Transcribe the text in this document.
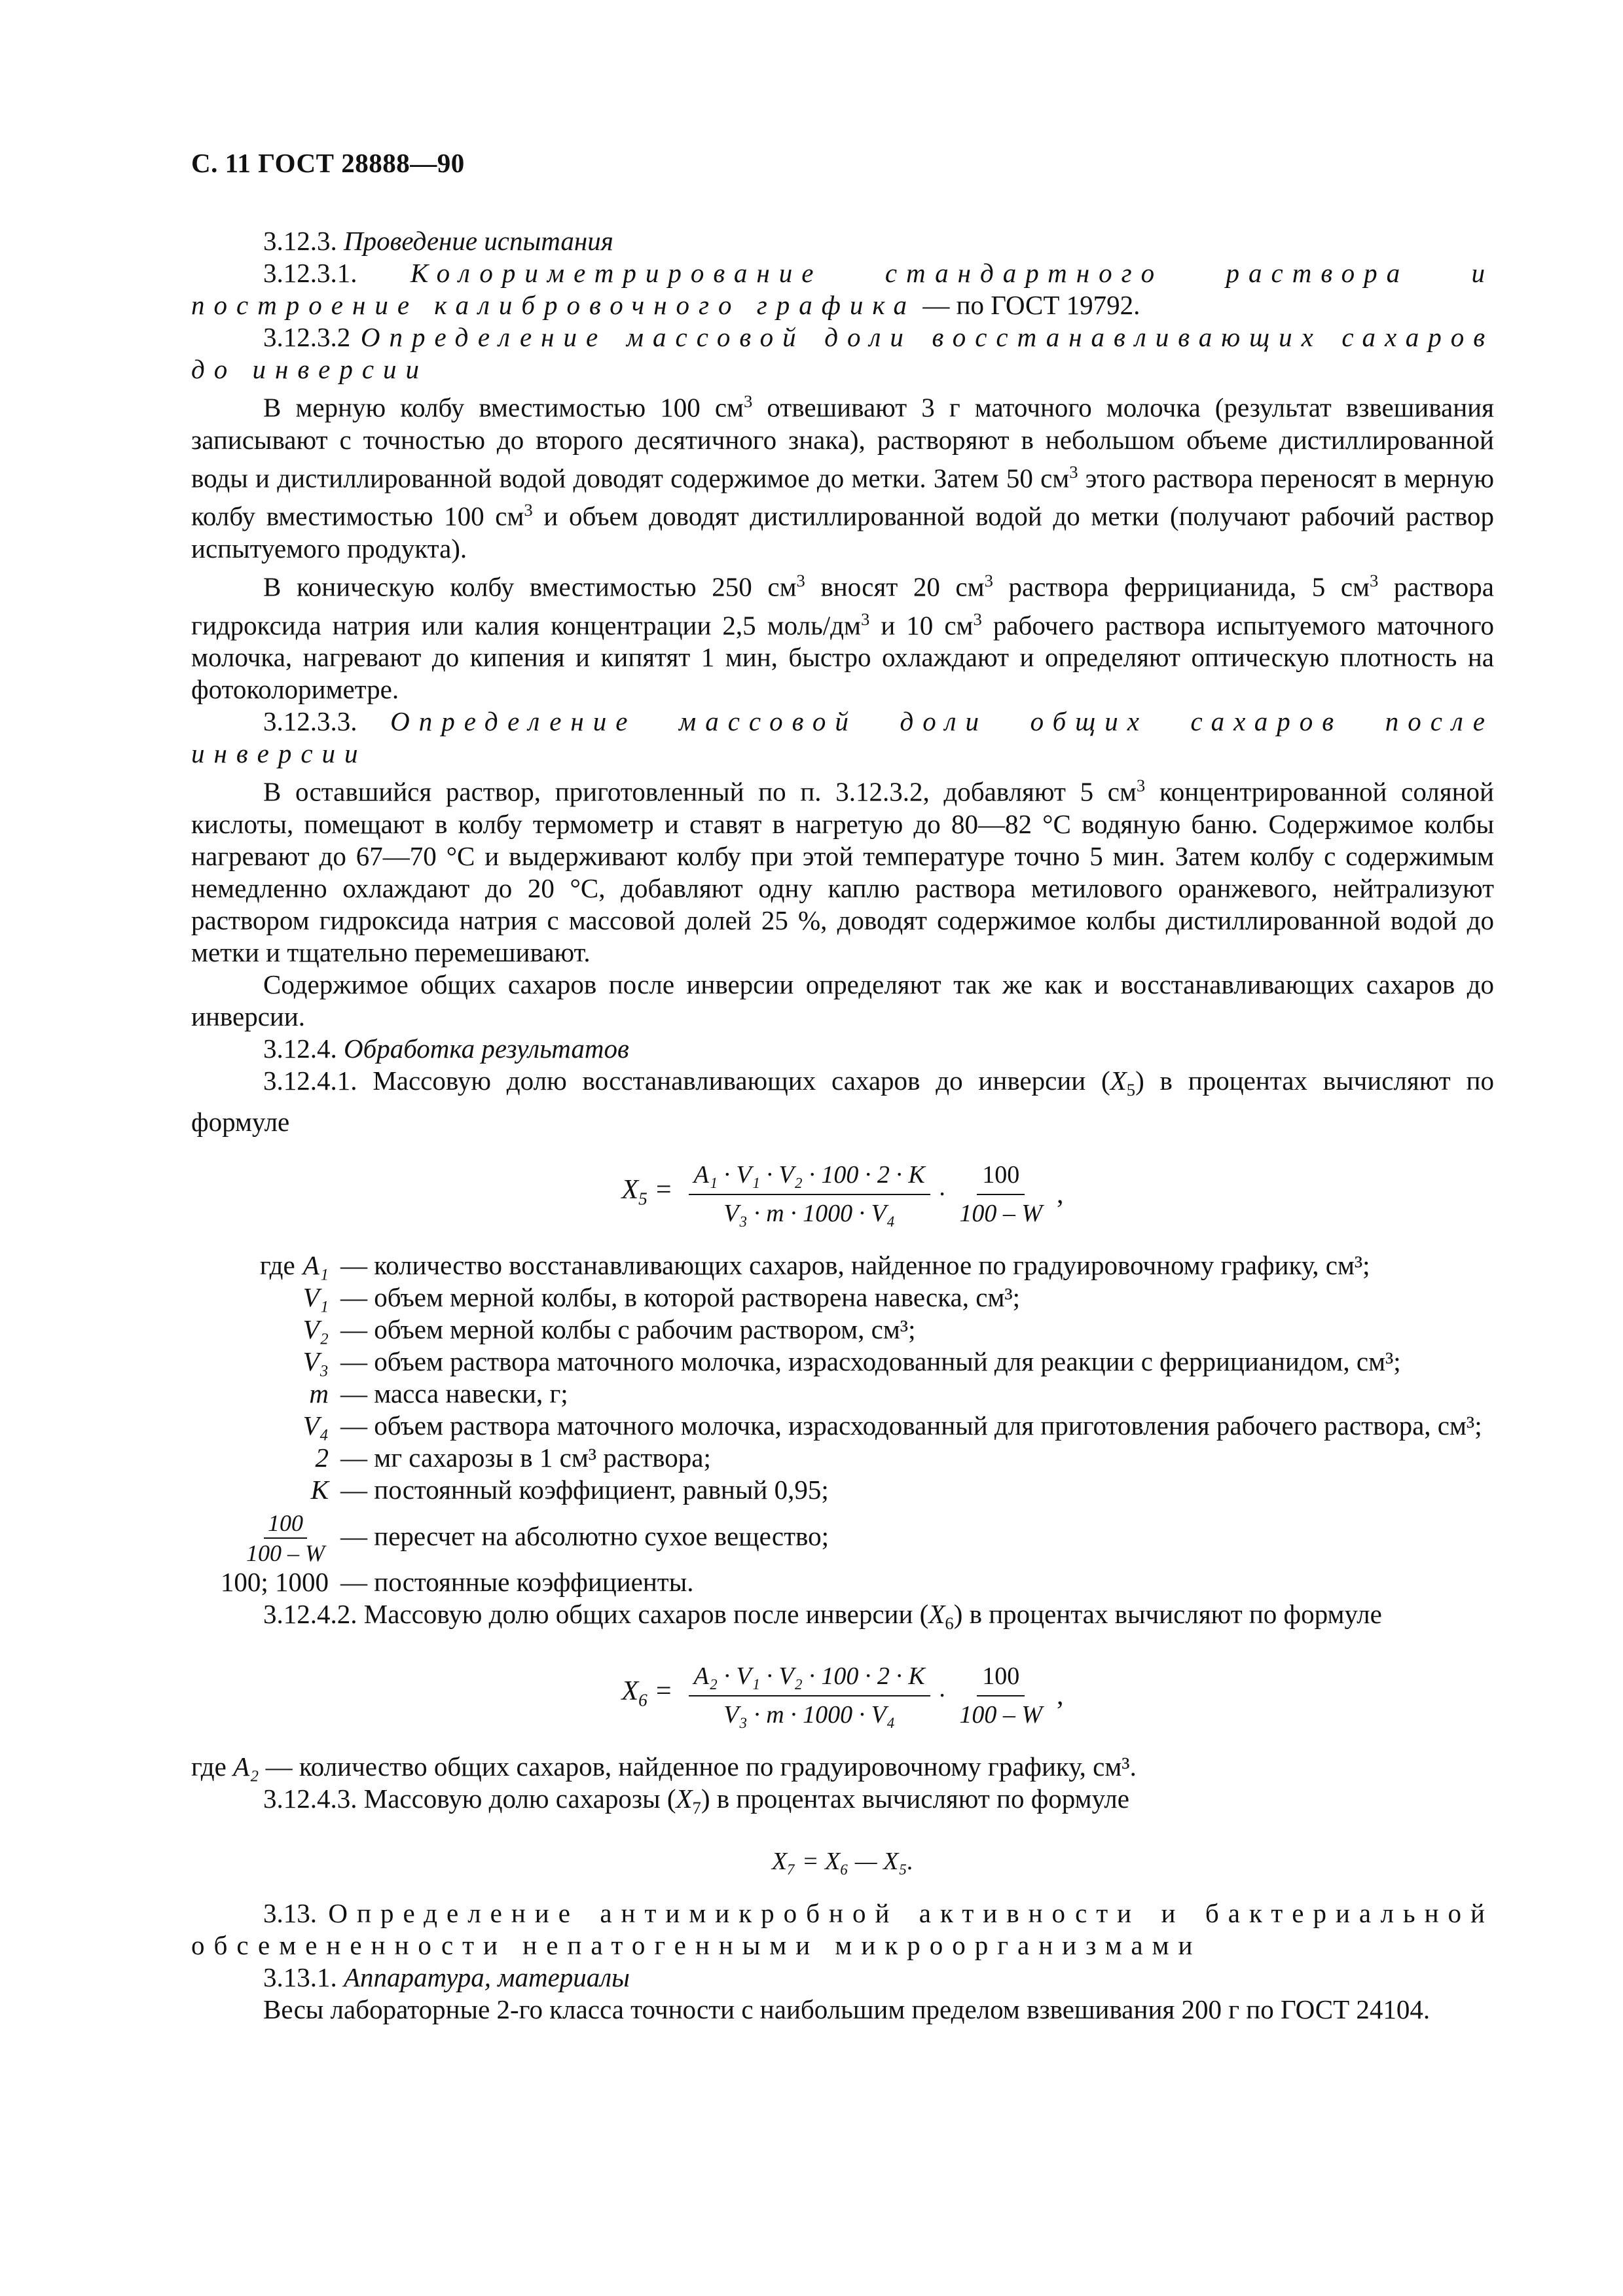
С. 11 ГОСТ 28888—90

3.12.3. Проведение испытания

3.12.3.1. Колориметрирование стандартного раствора и построение калибровочного графика — по ГОСТ 19792.

3.12.3.2 Определение массовой доли восстанавливающих сахаров до инверсии

В мерную колбу вместимостью 100 $см^3$ отвешивают 3 г маточного молочка (результат взвешивания записывают с точностью до второго десятичного знака), растворяют в небольшом объеме дистиллированной воды и дистиллированной водой доводят содержимое до метки. Затем 50 $см^3$ этого раствора переносят в мерную колбу вместимостью 100 $см^3$ и объем доводят дистиллированной водой до метки (получают рабочий раствор испытуемого продукта).

В коническую колбу вместимостью 250 $см^3$ вносят 20 $см^3$ раствора феррицианида, 5 $см^3$ раствора гидроксида натрия или калия концентрации 2,5 моль/$дм^3$ и 10 $см^3$ рабочего раствора испытуемого маточного молочка, нагревают до кипения и кипятят 1 мин, быстро охлаждают и определяют оптическую плотность на фотоколориметре.

3.12.3.3. Определение массовой доли общих сахаров после инверсии

В оставшийся раствор, приготовленный по п. 3.12.3.2, добавляют 5 $см^3$ концентрированной соляной кислоты, помещают в колбу термометр и ставят в нагретую до 80—82 °С водяную баню. Содержимое колбы нагревают до 67—70 °С и выдерживают колбу при этой температуре точно 5 мин. Затем колбу с содержимым немедленно охлаждают до 20 °С, добавляют одну каплю раствора метилового оранжевого, нейтрализуют раствором гидроксида натрия с массовой долей 25 %, доводят содержимое колбы дистиллированной водой до метки и тщательно перемешивают.

Содержимое общих сахаров после инверсии определяют так же как и восстанавливающих сахаров до инверсии.

3.12.4. Обработка результатов

3.12.4.1. Массовую долю восстанавливающих сахаров до инверсии $(X_5)$ в процентах вычисляют по формуле

$X_5 = \frac{\text{A₁ · V₁ · V₂ · 100 · 2 · K}}{\text{V₃ · m · 1000 · V₄}} \cdot \frac{100}{100 - W}$ ,
где A₁	— количество восстанавливающих сахаров, найденное по градуировочному графику, см³;
V₁	— объем мерной колбы, в которой растворена навеска, см³;
V₂	— объем мерной колбы с рабочим раствором, см³;
V₃	— объем раствора маточного молочка, израсходованный для реакции с феррицианидом, см³;
m	— масса навески, г;
V₄	— объем раствора маточного молочка, израсходованный для приготовления рабочего раствора, см³;
2	— мг сахарозы в 1 см³ раствора;
K	— постоянный коэффициент, равный 0,95;

$\frac{100}{100 - W}$	— пересчет на абсолютно сухое вещество;
100; 1000	— постоянные коэффициенты.

3.12.4.2. Массовую долю общих сахаров после инверсии $(X_6)$ в процентах вычисляют по формуле

$X_6 = \frac{\text{A₂ · V₁ · V₂ · 100 · 2 · K}}{\text{V₃ · m · 1000 · V₄}} \cdot \frac{100}{100 - W}$ ,

где A₂ — количество общих сахаров, найденное по градуировочному графику, см³.

3.12.4.3. Массовую долю сахарозы $(X_7)$ в процентах вычисляют по формуле

X₇ = X₆ — X₅.

3.13. Определение антимикробной активности и бактериальной обсемененности непатогенными микроорганизмами

3.13.1. Аппаратура, материалы

Весы лабораторные 2-го класса точности с наибольшим пределом взвешивания 200 г по ГОСТ 24104.
